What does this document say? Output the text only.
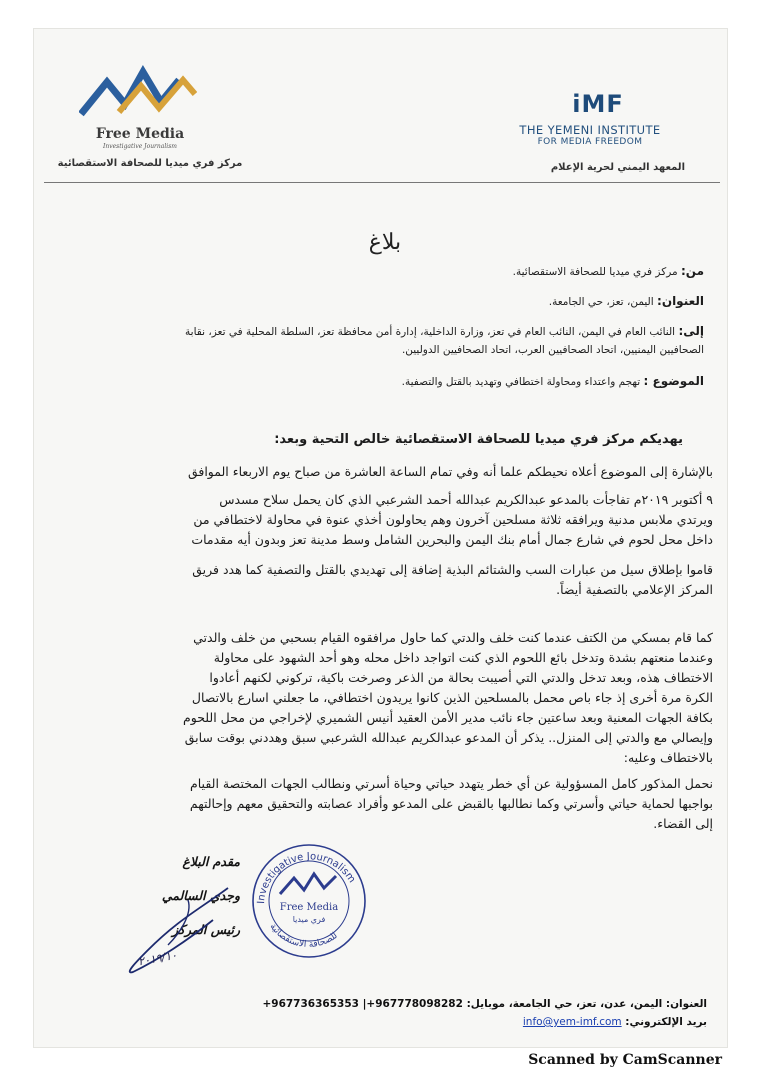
Free Media
Investigative Journalism
مركز فري ميديا للصحافة الاستقصائية
iMF
THE YEMENI INSTITUTE
FOR MEDIA FREEDOM
المعهد اليمني لحرية الإعلام
بلاغ
من: مركز فري ميديا للصحافة الاستقصائية.
العنوان: اليمن، تعز، حي الجامعة.
إلى: النائب العام في اليمن، النائب العام في تعز، وزارة الداخلية، إدارة أمن محافظة تعز، السلطة المحلية في تعز، نقابة
الصحافيين اليمنيين، اتحاد الصحافيين العرب، اتحاد الصحافيين الدوليين.
الموضوع : تهجم واعتداء ومحاولة اختطافي وتهديد بالقتل والتصفية.
يهديكم مركز فري ميديا للصحافة الاستقصائية خالص التحية وبعد:
بالإشارة إلى الموضوع أعلاه نحيطكم علما أنه وفي تمام الساعة العاشرة من صباح يوم الاربعاء الموافق
٩ أكتوبر ٢٠١٩م تفاجأت بالمدعو عبدالكريم عبدالله أحمد الشرعبي الذي كان يحمل سلاح مسدس
ويرتدي ملابس مدنية ويرافقه ثلاثة مسلحين آخرون وهم يحاولون أخذي عنوة في محاولة لاختطافي من
داخل محل لحوم في شارع جمال أمام بنك اليمن والبحرين الشامل وسط مدينة تعز وبدون أيه مقدمات
قاموا بإطلاق سيل من عبارات السب والشتائم البذية إضافة إلى تهديدي بالقتل والتصفية كما هدد فريق
المركز الإعلامي بالتصفية أيضاً.
كما قام بمسكي من الكتف عندما كنت خلف والدتي كما حاول مرافقوه القيام بسحبي من خلف والدتي
وعندما منعتهم بشدة وتدخل بائع اللحوم الذي كنت اتواجد داخل محله وهو أحد الشهود على محاولة
الاختطاف هذه، وبعد تدخل والدتي التي أصيبت بحالة من الذعر وصرخت باكية، تركوني لكنهم أعادوا
الكرة مرة أخرى إذ جاء باص محمل بالمسلحين الذين كانوا يريدون اختطافي، ما جعلني اسارع بالاتصال
بكافة الجهات المعنية وبعد ساعتين جاء نائب مدير الأمن العقيد أنيس الشميري لإخراجي من محل اللحوم
وإيصالي مع والدتي إلى المنزل.. يذكر أن المدعو عبدالكريم عبدالله الشرعبي سبق وهددني بوقت سابق
بالاختطاف وعليه:
نحمل المذكور كامل المسؤولية عن أي خطر يتهدد حياتي وحياة أسرتي ونطالب الجهات المختصة القيام
بواجبها لحماية حياتي وأسرتي وكما نطالبها بالقبض على المدعو وأفراد عصابته والتحقيق معهم وإحالتهم
إلى القضاء.
Investigative Journalism
للصحافة الاستقصائية
Free Media
فري ميديا
مقدم البلاغ
وجدي السالمي
رئيس المركز
٢٠١٩/١٠
العنوان: اليمن، عدن، تعز، حي الجامعة، موبايل: +967736365353 |+967778098282
بريد الإلكتروني: info@yem-imf.com
Scanned by CamScanner
